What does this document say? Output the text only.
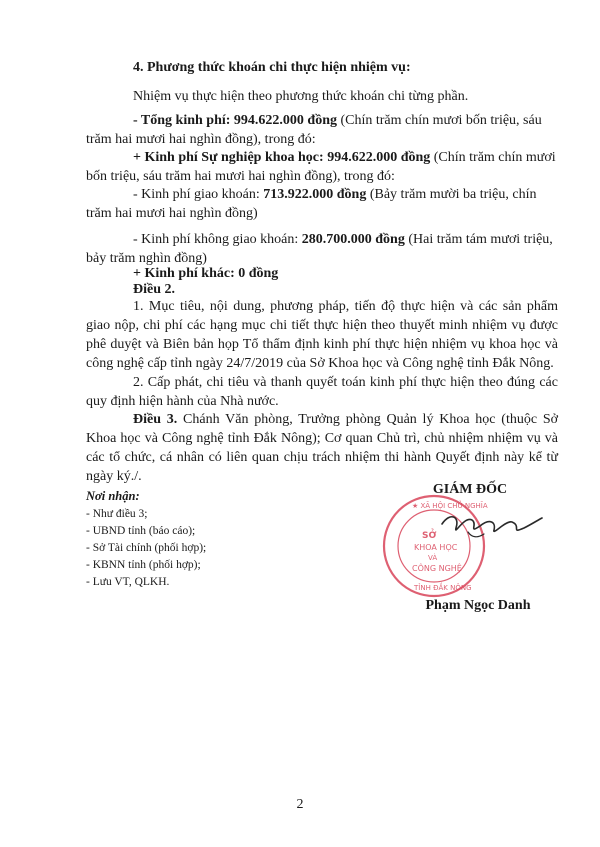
4. Phương thức khoán chi thực hiện nhiệm vụ:
Nhiệm vụ thực hiện theo phương thức khoán chi từng phần.
- Tổng kinh phí: 994.622.000 đồng (Chín trăm chín mươi bốn triệu, sáu trăm hai mươi hai nghìn đồng), trong đó:
+ Kinh phí Sự nghiệp khoa học: 994.622.000 đồng (Chín trăm chín mươi bốn triệu, sáu trăm hai mươi hai nghìn đồng), trong đó:
- Kinh phí giao khoán: 713.922.000 đồng (Bảy trăm mười ba triệu, chín trăm hai mươi hai nghìn đồng)
- Kinh phí không giao khoán: 280.700.000 đồng (Hai trăm tám mươi triệu, bảy trăm nghìn đồng)
+ Kinh phí khác: 0 đồng
Điều 2.
1. Mục tiêu, nội dung, phương pháp, tiến độ thực hiện và các sản phẩm giao nộp, chi phí các hạng mục chi tiết thực hiện theo thuyết minh nhiệm vụ được phê duyệt và Biên bản họp Tổ thẩm định kinh phí thực hiện nhiệm vụ khoa học và công nghệ cấp tỉnh ngày 24/7/2019 của Sở Khoa học và Công nghệ tỉnh Đắk Nông.
2. Cấp phát, chi tiêu và thanh quyết toán kinh phí thực hiện theo đúng các quy định hiện hành của Nhà nước.
Điều 3. Chánh Văn phòng, Trưởng phòng Quản lý Khoa học (thuộc Sở Khoa học và Công nghệ tỉnh Đắk Nông); Cơ quan Chủ trì, chủ nhiệm nhiệm vụ và các tổ chức, cá nhân có liên quan chịu trách nhiệm thi hành Quyết định này kể từ ngày ký./.
Nơi nhận:
- Như điều 3;
- UBND tỉnh (báo cáo);
- Sở Tài chính (phối hợp);
- KBNN tỉnh (phối hợp);
- Lưu VT, QLKH.
GIÁM ĐỐC
★ XÃ HỘI CHỦ NGHĨA
SỞ
KHOA HỌC
VÀ
CÔNG NGHỆ
TỈNH ĐẮK NÔNG
Phạm Ngọc Danh
2
